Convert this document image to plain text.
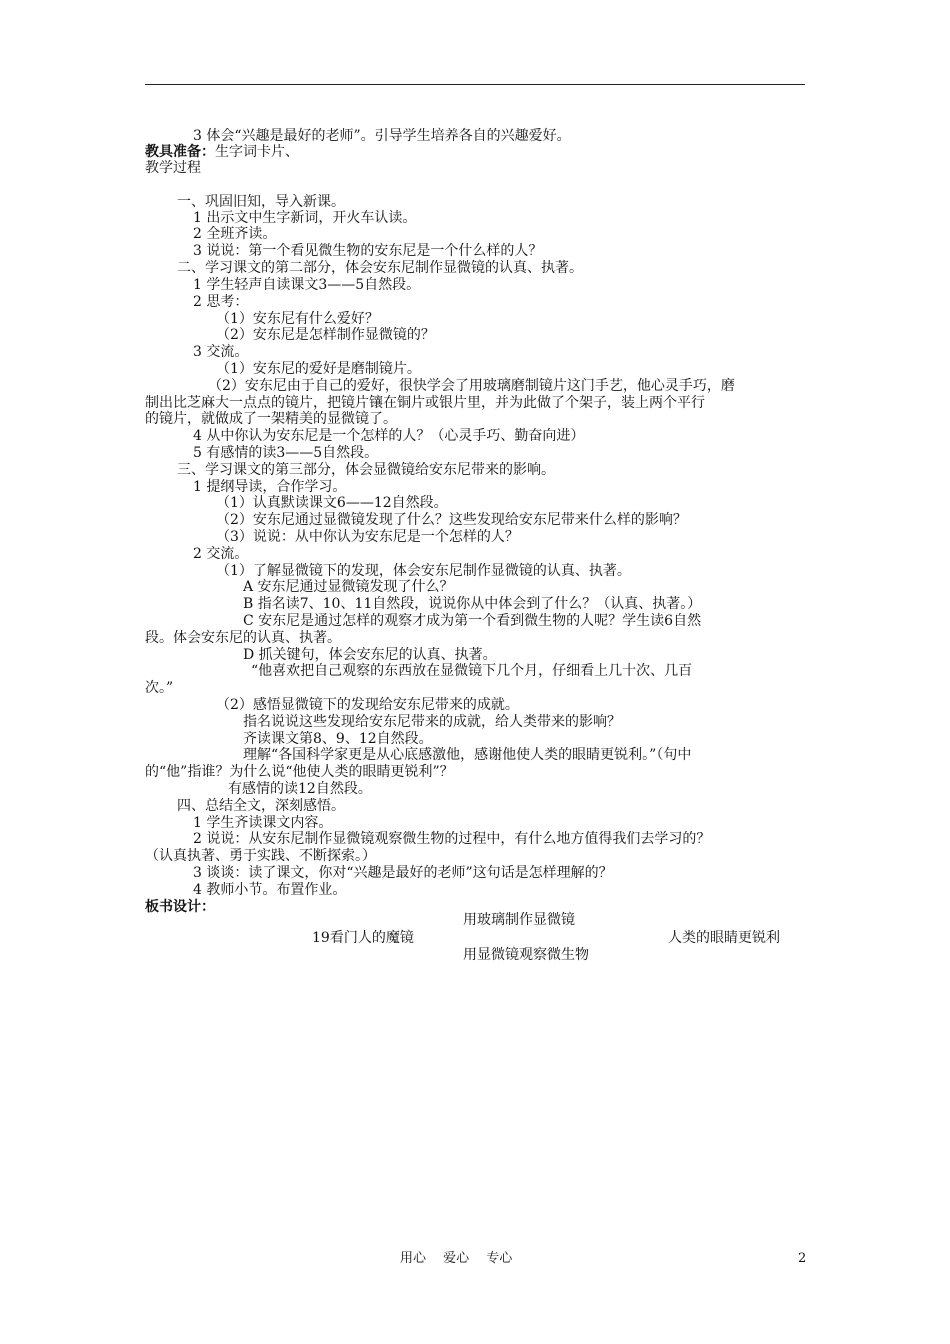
3 体会“兴趣是最好的老师”。引导学生培养各自的兴趣爱好。
教具准备：生字词卡片、
教学过程
一、巩固旧知，导入新课。
1 出示文中生字新词，开火车认读。
2 全班齐读。
3 说说：第一个看见微生物的安东尼是一个什么样的人？
二、学习课文的第二部分，体会安东尼制作显微镜的认真、执著。
1 学生轻声自读课文3——5自然段。
2 思考：
（1）安东尼有什么爱好？
（2）安东尼是怎样制作显微镜的？
3 交流。
（1）安东尼的爱好是磨制镜片。
（2）安东尼由于自己的爱好，很快学会了用玻璃磨制镜片这门手艺，他心灵手巧，磨
制出比芝麻大一点点的镜片，把镜片镶在铜片或银片里，并为此做了个架子，装上两个平行
的镜片，就做成了一架精美的显微镜了。
4 从中你认为安东尼是一个怎样的人？（心灵手巧、勤奋向进）
5 有感情的读3——5自然段。
三、学习课文的第三部分，体会显微镜给安东尼带来的影响。
1 提纲导读，合作学习。
（1）认真默读课文6——12自然段。
（2）安东尼通过显微镜发现了什么？这些发现给安东尼带来什么样的影响？
（3）说说：从中你认为安东尼是一个怎样的人？
2 交流。
（1）了解显微镜下的发现，体会安东尼制作显微镜的认真、执著。
A 安东尼通过显微镜发现了什么？
B 指名读7、10、11自然段，说说你从中体会到了什么？（认真、执著。）
C 安东尼是通过怎样的观察才成为第一个看到微生物的人呢？学生读6自然
段。体会安东尼的认真、执著。
D 抓关键句，体会安东尼的认真、执著。
“他喜欢把自己观察的东西放在显微镜下几个月，仔细看上几十次、几百
次。”
（2）感悟显微镜下的发现给安东尼带来的成就。
指名说说这些发现给安东尼带来的成就，给人类带来的影响？
齐读课文第8、9、12自然段。
理解“各国科学家更是从心底感激他，感谢他使人类的眼睛更锐利。”（句中
的“他”指谁？为什么说“他使人类的眼睛更锐利”？
有感情的读12自然段。
四、总结全文，深刻感悟。
1 学生齐读课文内容。
2 说说：从安东尼制作显微镜观察微生物的过程中，有什么地方值得我们去学习的？
（认真执著、勇于实践、不断探索。）
3 谈谈：读了课文，你对“兴趣是最好的老师”这句话是怎样理解的？
4 教师小节。布置作业。
板书设计：
用玻璃制作显微镜
19看门人的魔镜	人类的眼睛更锐利
用显微镜观察微生物
用心　 爱心　 专心	2
